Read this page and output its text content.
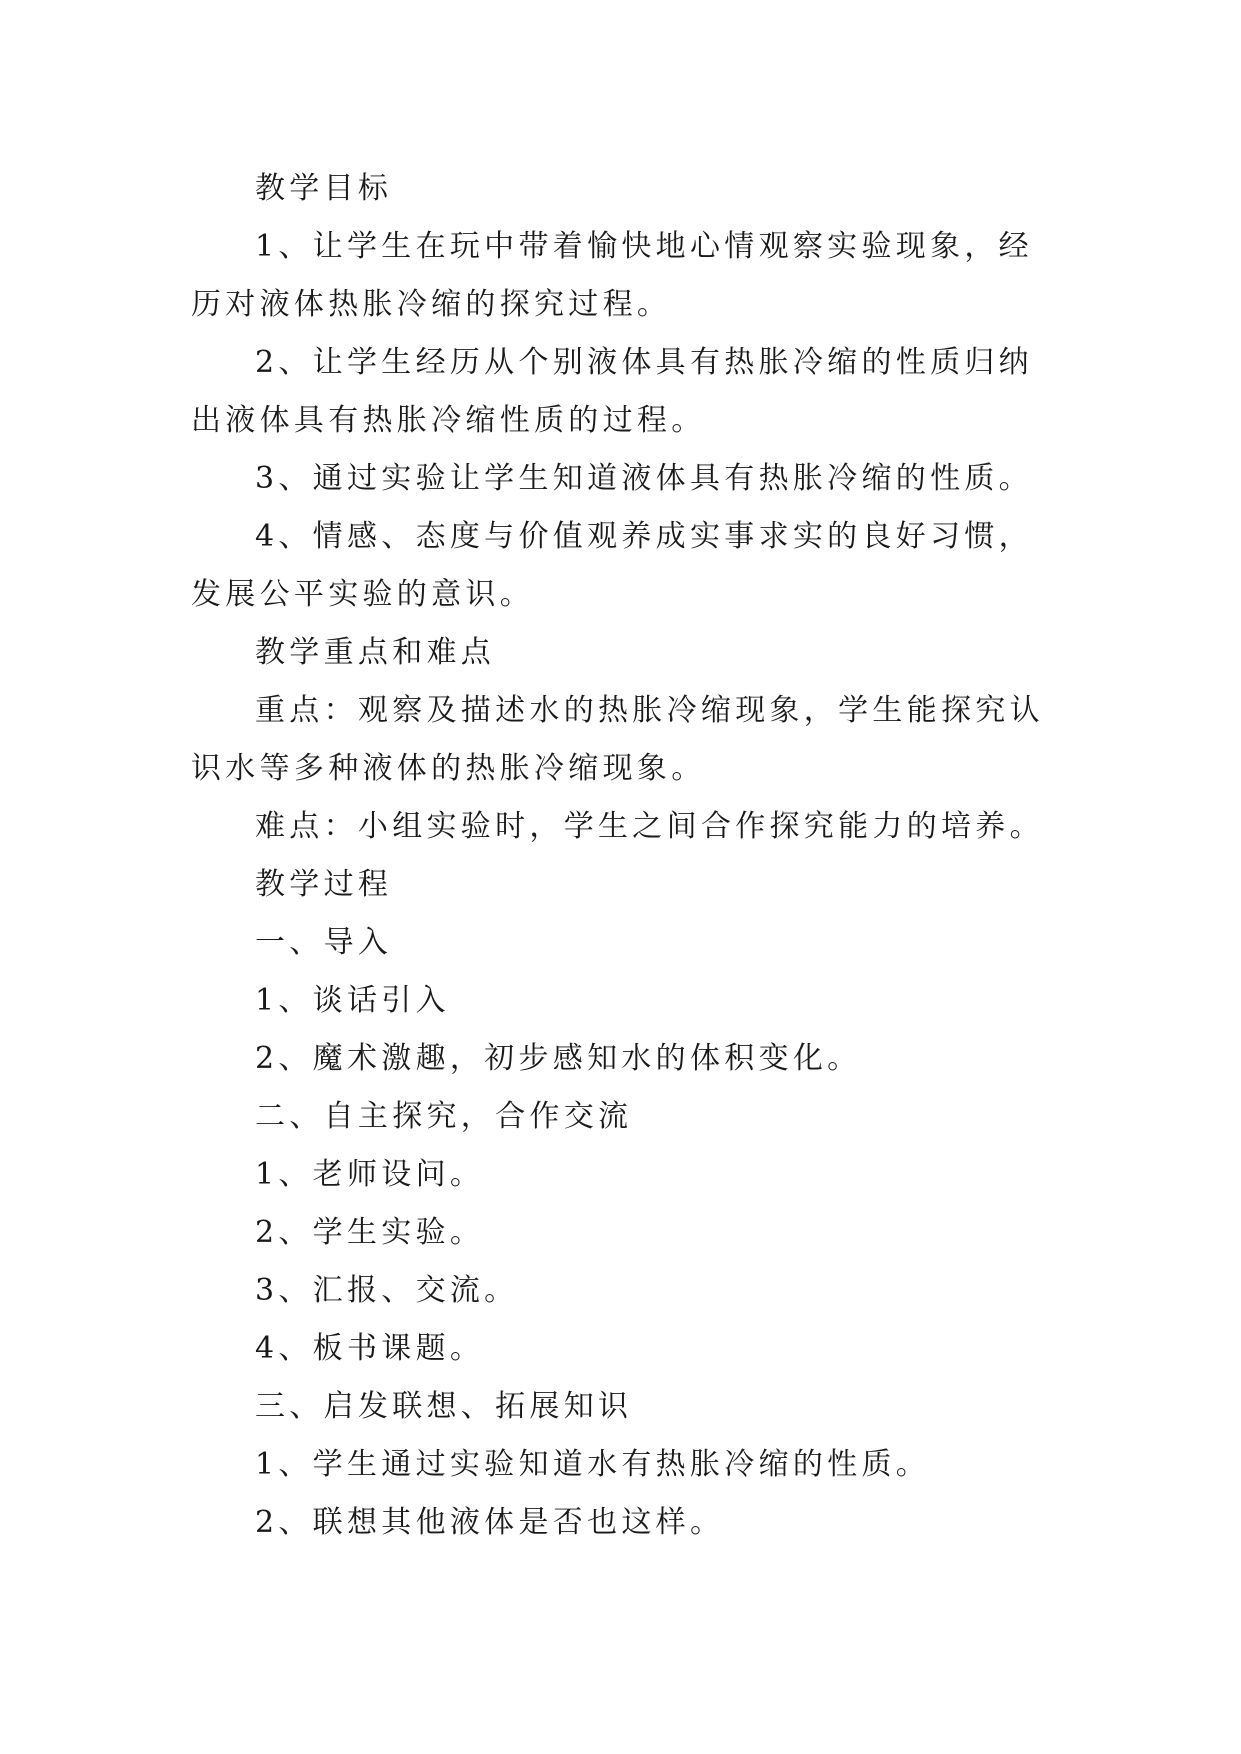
教学目标

1、让学生在玩中带着愉快地心情观察实验现象，经历对液体热胀冷缩的探究过程。

2、让学生经历从个别液体具有热胀冷缩的性质归纳出液体具有热胀冷缩性质的过程。

3、通过实验让学生知道液体具有热胀冷缩的性质。

4、情感、态度与价值观养成实事求实的良好习惯，发展公平实验的意识。

教学重点和难点

重点：观察及描述水的热胀冷缩现象，学生能探究认识水等多种液体的热胀冷缩现象。

难点：小组实验时，学生之间合作探究能力的培养。

教学过程

一、导入

1、谈话引入

2、魔术激趣，初步感知水的体积变化。

二、自主探究，合作交流

1、老师设问。

2、学生实验。

3、汇报、交流。

4、板书课题。

三、启发联想、拓展知识

1、学生通过实验知道水有热胀冷缩的性质。

2、联想其他液体是否也这样。
